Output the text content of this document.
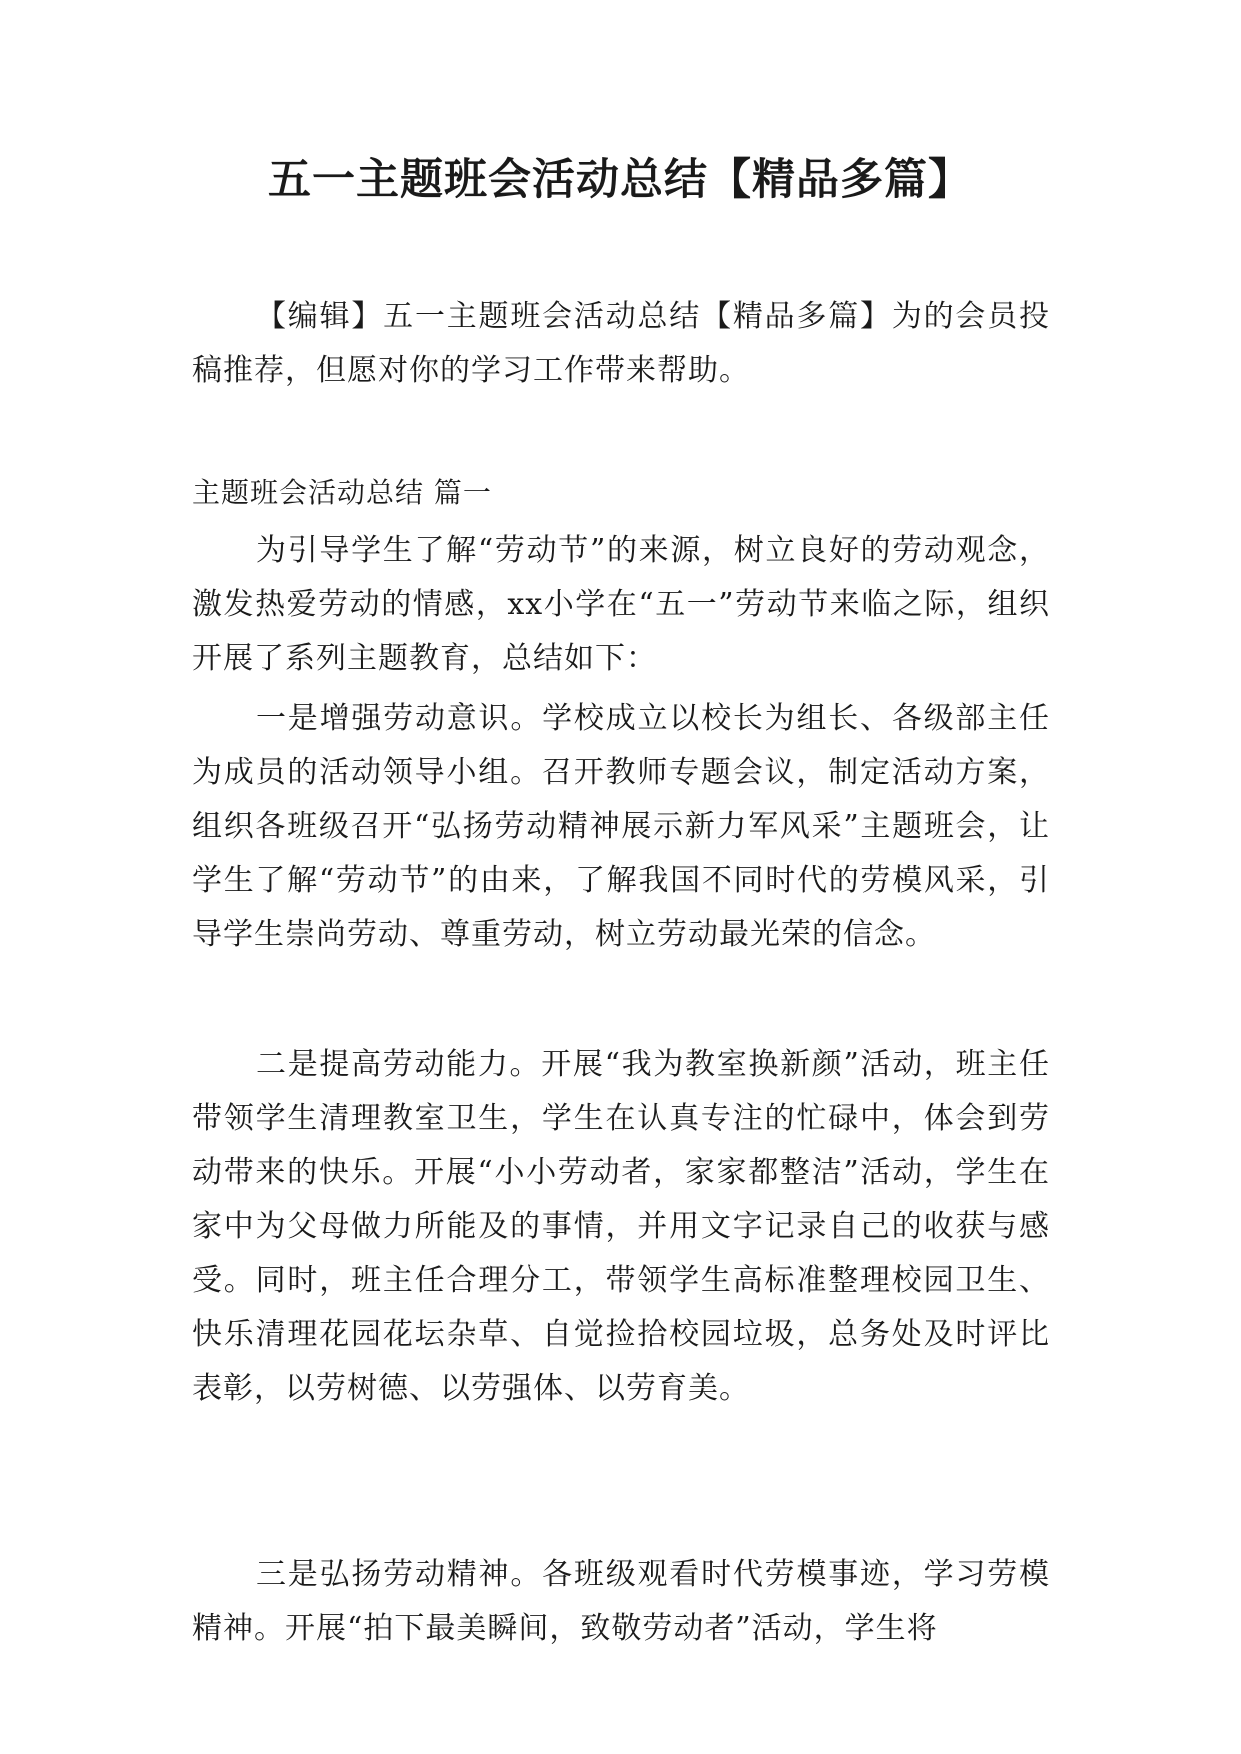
五一主题班会活动总结【精品多篇】

【编辑】五一主题班会活动总结【精品多篇】为的会员投稿推荐，但愿对你的学习工作带来帮助。

主题班会活动总结 篇一

为引导学生了解“劳动节”的来源，树立良好的劳动观念，激发热爱劳动的情感，xx小学在“五一”劳动节来临之际，组织开展了系列主题教育，总结如下：

一是增强劳动意识。学校成立以校长为组长、各级部主任为成员的活动领导小组。召开教师专题会议，制定活动方案，组织各班级召开“弘扬劳动精神展示新力军风采”主题班会，让学生了解“劳动节”的由来，了解我国不同时代的劳模风采，引导学生崇尚劳动、尊重劳动，树立劳动最光荣的信念。

二是提高劳动能力。开展“我为教室换新颜”活动，班主任带领学生清理教室卫生，学生在认真专注的忙碌中，体会到劳动带来的快乐。开展“小小劳动者，家家都整洁”活动，学生在家中为父母做力所能及的事情，并用文字记录自己的收获与感受。同时，班主任合理分工，带领学生高标准整理校园卫生、快乐清理花园花坛杂草、自觉捡拾校园垃圾，总务处及时评比表彰，以劳树德、以劳强体、以劳育美。

三是弘扬劳动精神。各班级观看时代劳模事迹，学习劳模精神。开展“拍下最美瞬间，致敬劳动者”活动，学生将
